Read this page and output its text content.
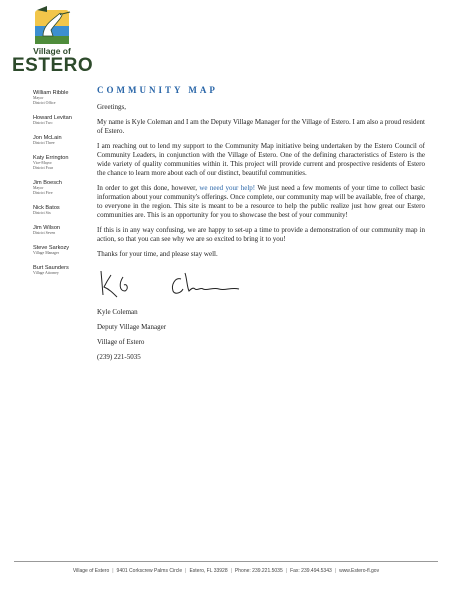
Village of
ESTERO
William Ribble
Mayor
District Office
Howard Levitan
District Two
Jon McLain
District Three
Katy Errington
Vice-Mayor
District Four
Jim Boesch
Mayor
District Five
Nick Batos
District Six
Jim Wilson
District Seven
Steve Sarkozy
Village Manager
Burt Saunders
Village Attorney
COMMUNITY MAP

Greetings,

My name is Kyle Coleman and I am the Deputy Village Manager for the Village of Estero. I am also a proud resident of Estero.

I am reaching out to lend my support to the Community Map initiative being undertaken by the Estero Council of Community Leaders, in conjunction with the Village of Estero. One of the defining characteristics of Estero is the wide variety of quality communities within it. This project will provide current and prospective residents of Estero the chance to learn more about each of our distinct, beautiful communities.

In order to get this done, however, we need your help! We just need a few moments of your time to collect basic information about your community's offerings. Once complete, our community map will be available, free of charge, to everyone in the region. This site is meant to be a resource to help the public realize just how great our Estero communities are. This is an opportunity for you to showcase the best of your community!

If this is in any way confusing, we are happy to set-up a time to provide a demonstration of our community map in action, so that you can see why we are so excited to bring it to you!

Thanks for your time, and please stay well.

Kyle Coleman

Deputy Village Manager

Village of Estero

(239) 221-5035

Village of Estero | 9401 Corkscrew Palms Circle | Estero, FL 33928 | Phone: 239.221.5035 | Fax: 239.494.5343 | www.Estero-fl.gov
